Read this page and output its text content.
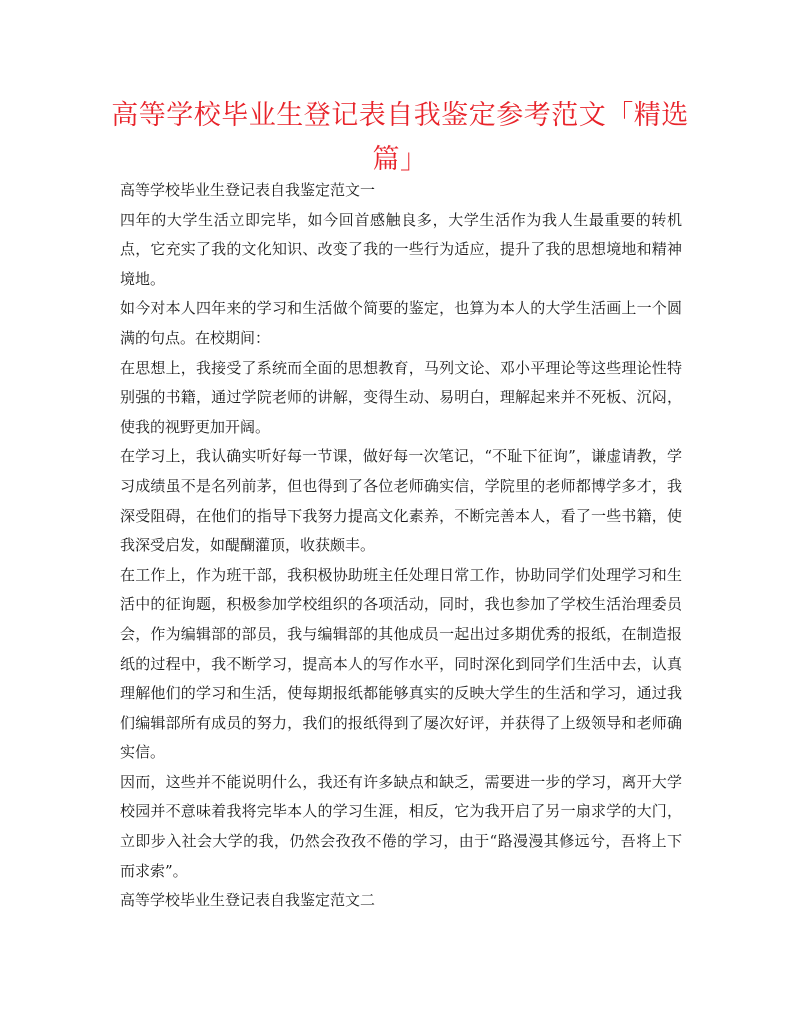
高等学校毕业生登记表自我鉴定参考范文「精选篇」

高等学校毕业生登记表自我鉴定范文一

四年的大学生活立即完毕，如今回首感触良多，大学生活作为我人生最重要的转机点，它充实了我的文化知识、改变了我的一些行为适应，提升了我的思想境地和精神境地。

如今对本人四年来的学习和生活做个简要的鉴定，也算为本人的大学生活画上一个圆满的句点。在校期间：

在思想上，我接受了系统而全面的思想教育，马列文论、邓小平理论等这些理论性特别强的书籍，通过学院老师的讲解，变得生动、易明白，理解起来并不死板、沉闷，使我的视野更加开阔。

在学习上，我认确实听好每一节课，做好每一次笔记，“不耻下征询”，谦虚请教，学习成绩虽不是名列前茅，但也得到了各位老师确实信，学院里的老师都博学多才，我深受阻碍，在他们的指导下我努力提高文化素养，不断完善本人，看了一些书籍，使我深受启发，如醍醐灌顶，收获颇丰。

在工作上，作为班干部，我积极协助班主任处理日常工作，协助同学们处理学习和生活中的征询题，积极参加学校组织的各项活动，同时，我也参加了学校生活治理委员会，作为编辑部的部员，我与编辑部的其他成员一起出过多期优秀的报纸，在制造报纸的过程中，我不断学习，提高本人的写作水平，同时深化到同学们生活中去，认真理解他们的学习和生活，使每期报纸都能够真实的反映大学生的生活和学习，通过我们编辑部所有成员的努力，我们的报纸得到了屡次好评，并获得了上级领导和老师确实信。

因而，这些并不能说明什么，我还有许多缺点和缺乏，需要进一步的学习，离开大学校园并不意味着我将完毕本人的学习生涯，相反，它为我开启了另一扇求学的大门，立即步入社会大学的我，仍然会孜孜不倦的学习，由于“路漫漫其修远兮，吾将上下而求索”。

高等学校毕业生登记表自我鉴定范文二
